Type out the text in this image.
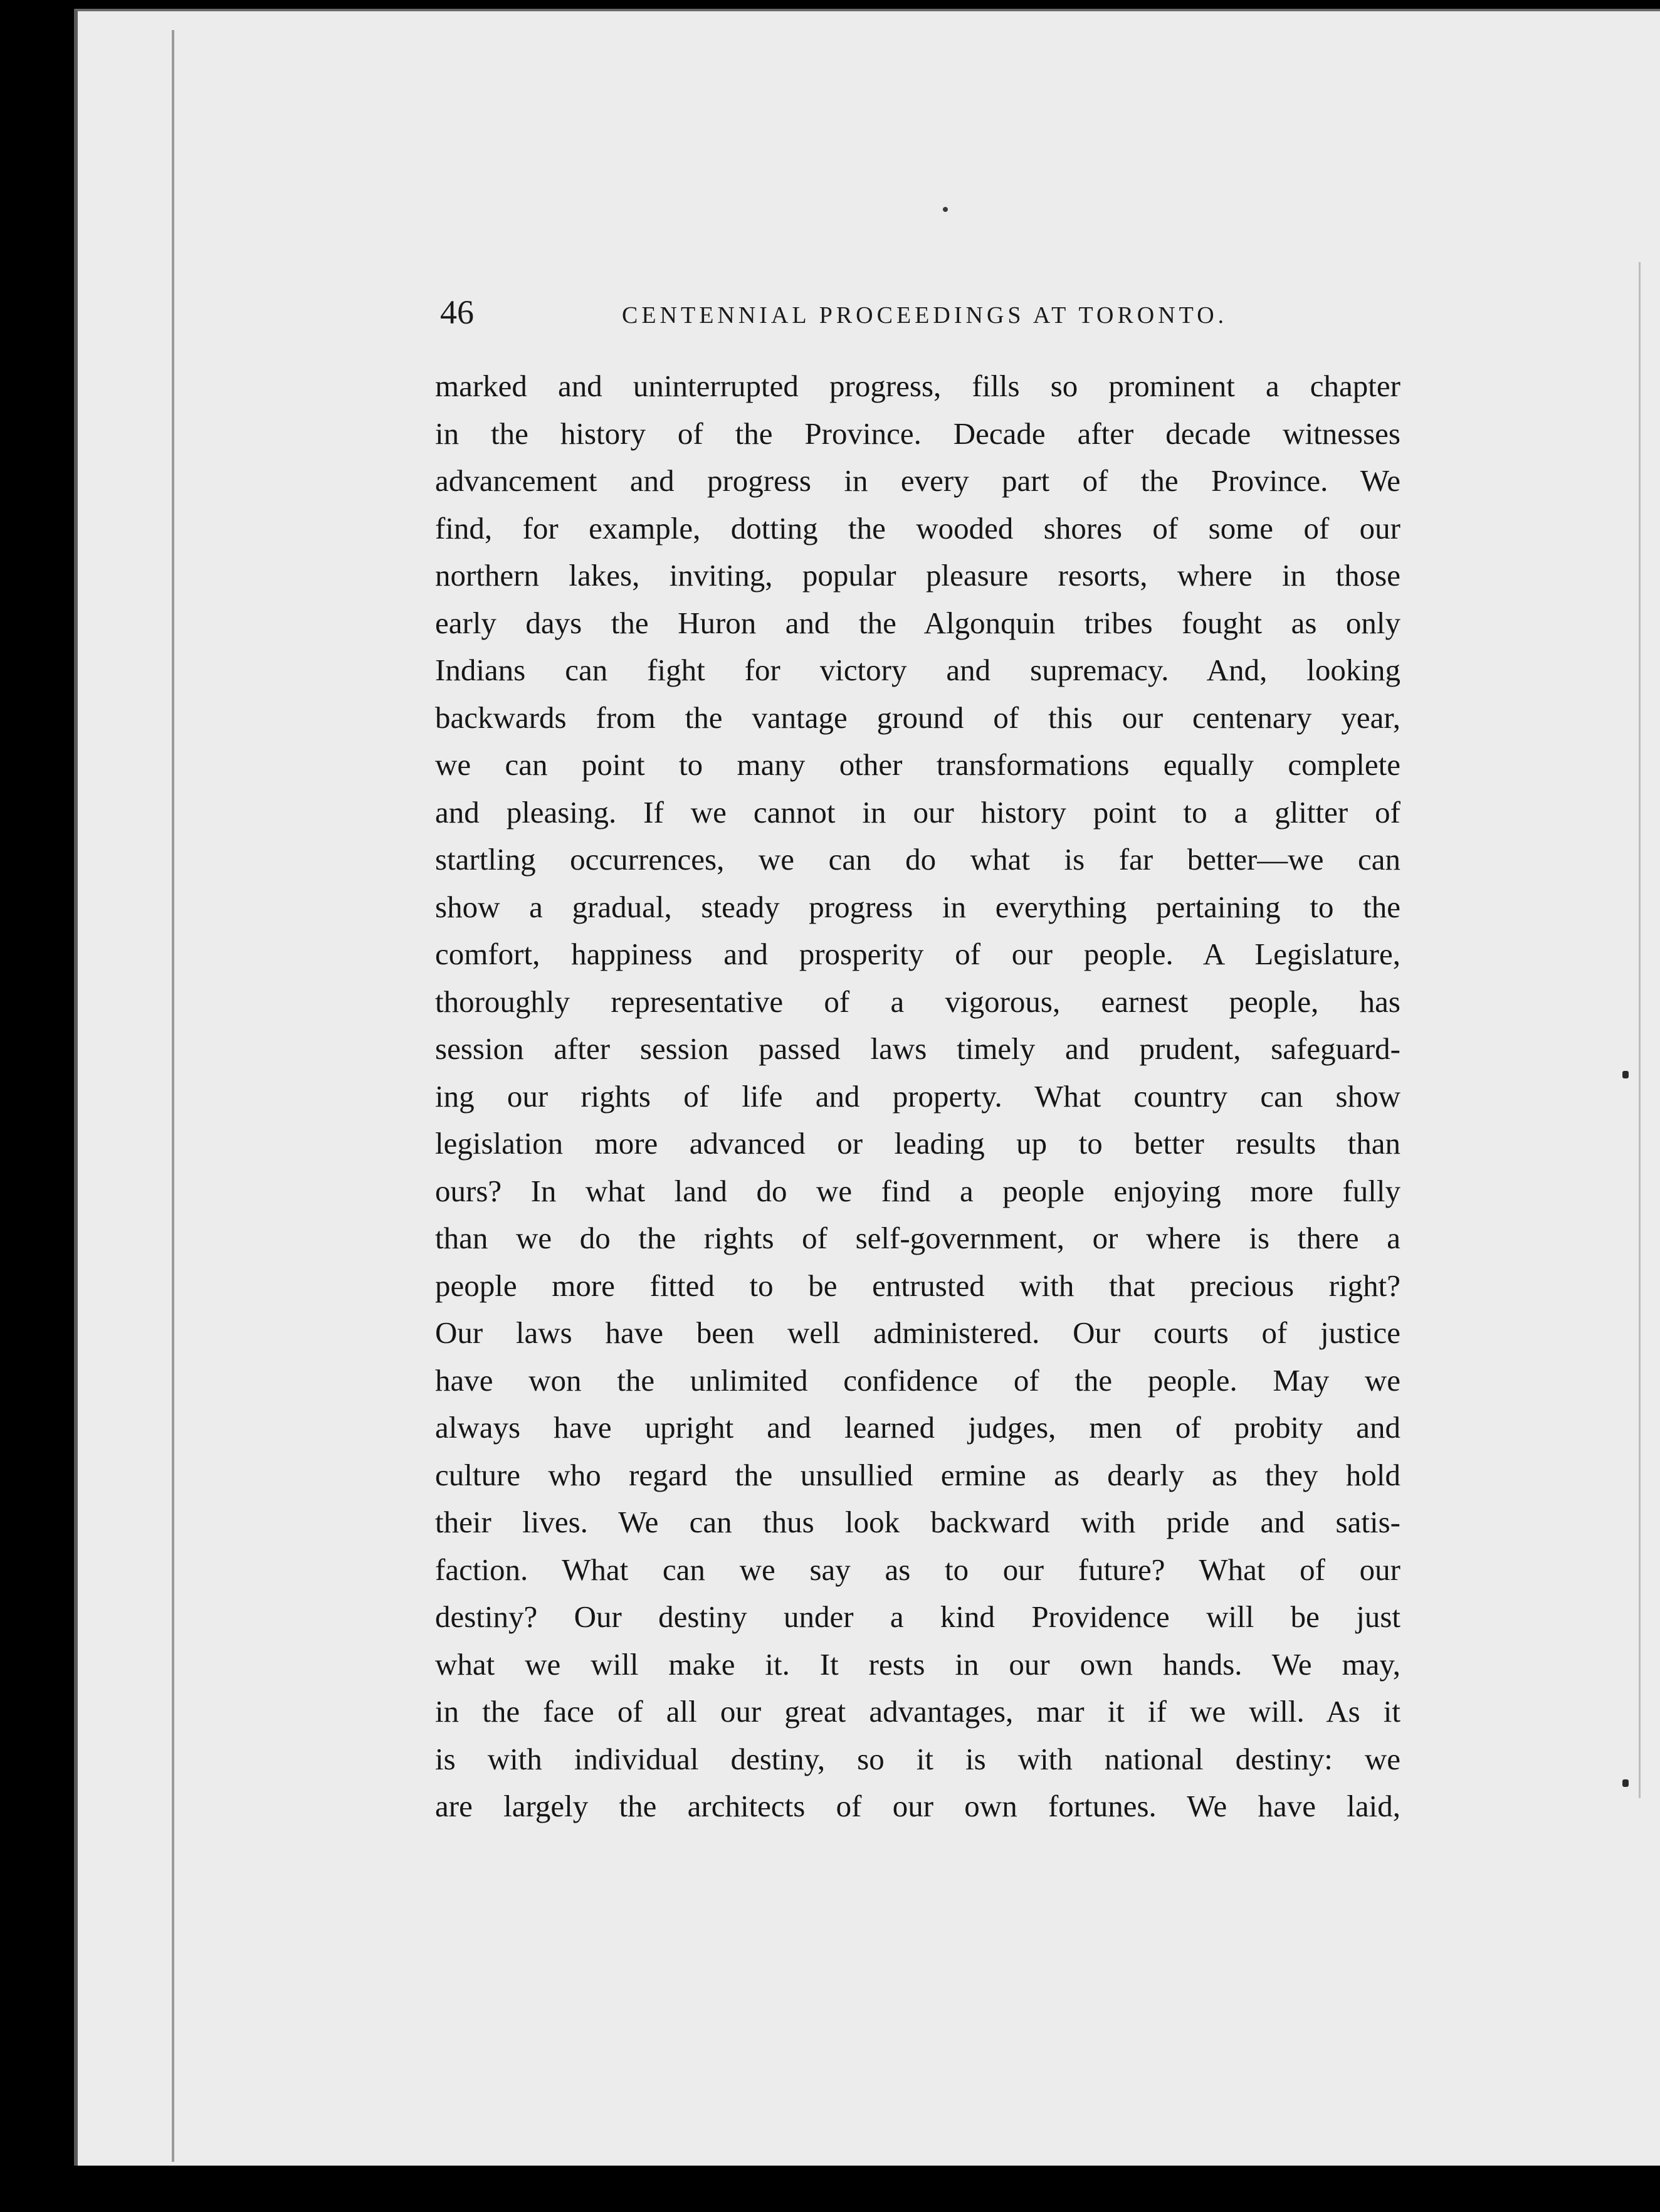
46	CENTENNIAL PROCEEDINGS AT TORONTO.
marked and uninterrupted progress, fills so prominent a chapter
in the history of the Province. Decade after decade witnesses
advancement and progress in every part of the Province. We
find, for example, dotting the wooded shores of some of our
northern lakes, inviting, popular pleasure resorts, where in those
early days the Huron and the Algonquin tribes fought as only
Indians can fight for victory and supremacy. And, looking
backwards from the vantage ground of this our centenary year,
we can point to many other transformations equally complete
and pleasing. If we cannot in our history point to a glitter of
startling occurrences, we can do what is far better—we can
show a gradual, steady progress in everything pertaining to the
comfort, happiness and prosperity of our people. A Legislature,
thoroughly representative of a vigorous, earnest people, has
session after session passed laws timely and prudent, safeguard-
ing our rights of life and property. What country can show
legislation more advanced or leading up to better results than
ours? In what land do we find a people enjoying more fully
than we do the rights of self-government, or where is there a
people more fitted to be entrusted with that precious right?
Our laws have been well administered. Our courts of justice
have won the unlimited confidence of the people. May we
always have upright and learned judges, men of probity and
culture who regard the unsullied ermine as dearly as they hold
their lives. We can thus look backward with pride and satis-
faction. What can we say as to our future? What of our
destiny? Our destiny under a kind Providence will be just
what we will make it. It rests in our own hands. We may,
in the face of all our great advantages, mar it if we will. As it
is with individual destiny, so it is with national destiny: we
are largely the architects of our own fortunes. We have laid,
